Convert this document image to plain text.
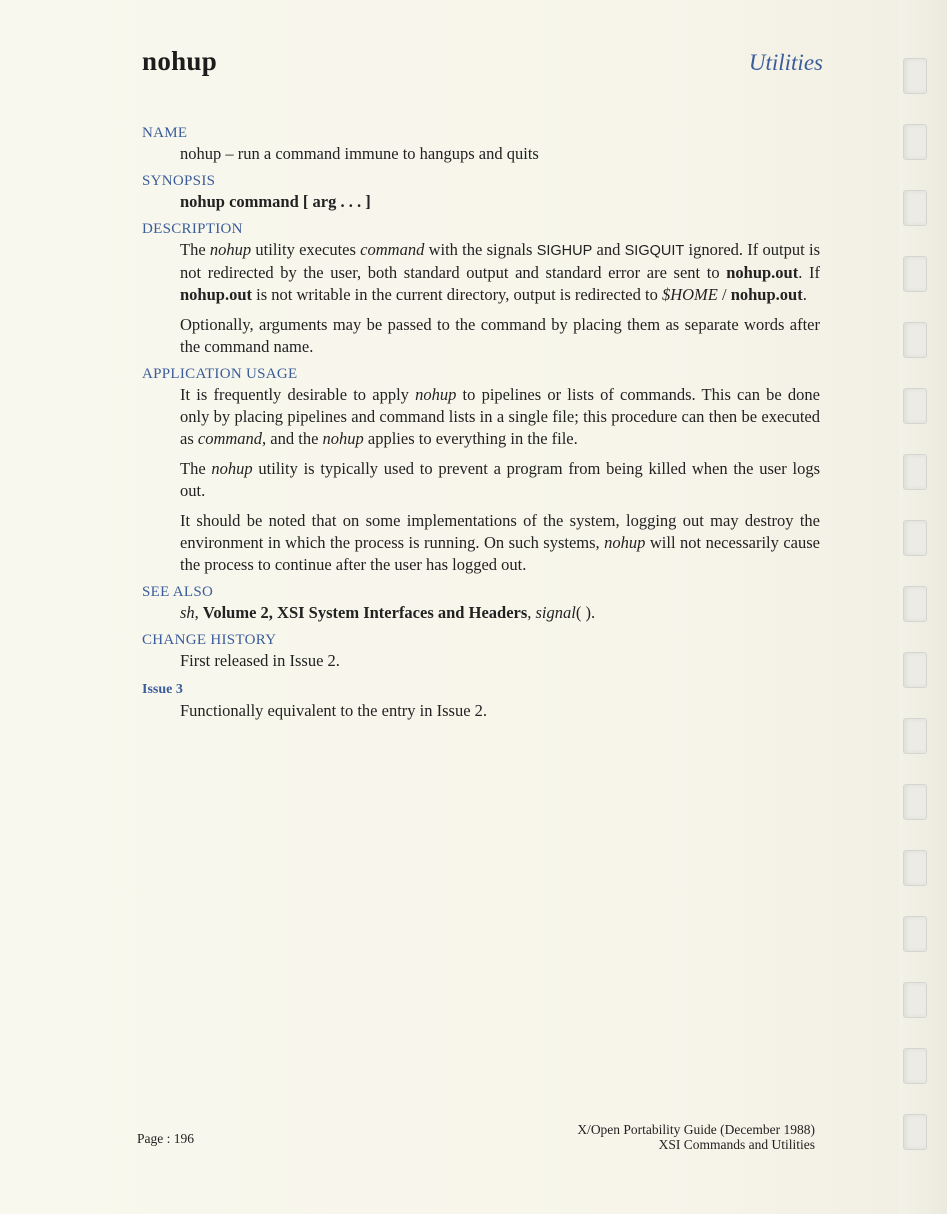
nohup	Utilities
NAME
nohup – run a command immune to hangups and quits
SYNOPSIS
nohup command [ arg . . . ]
DESCRIPTION
The nohup utility executes command with the signals SIGHUP and SIGQUIT ignored. If output is not redirected by the user, both standard output and standard error are sent to nohup.out. If nohup.out is not writable in the current directory, output is redirected to $HOME / nohup.out.
Optionally, arguments may be passed to the command by placing them as separate words after the command name.
APPLICATION USAGE
It is frequently desirable to apply nohup to pipelines or lists of commands. This can be done only by placing pipelines and command lists in a single file; this procedure can then be executed as command, and the nohup applies to everything in the file.
The nohup utility is typically used to prevent a program from being killed when the user logs out.
It should be noted that on some implementations of the system, logging out may destroy the environment in which the process is running. On such systems, nohup will not necessarily cause the process to continue after the user has logged out.
SEE ALSO
sh, Volume 2, XSI System Interfaces and Headers, signal( ).
CHANGE HISTORY
First released in Issue 2.
Issue 3
Functionally equivalent to the entry in Issue 2.
Page : 196
X/Open Portability Guide (December 1988)
XSI Commands and Utilities
